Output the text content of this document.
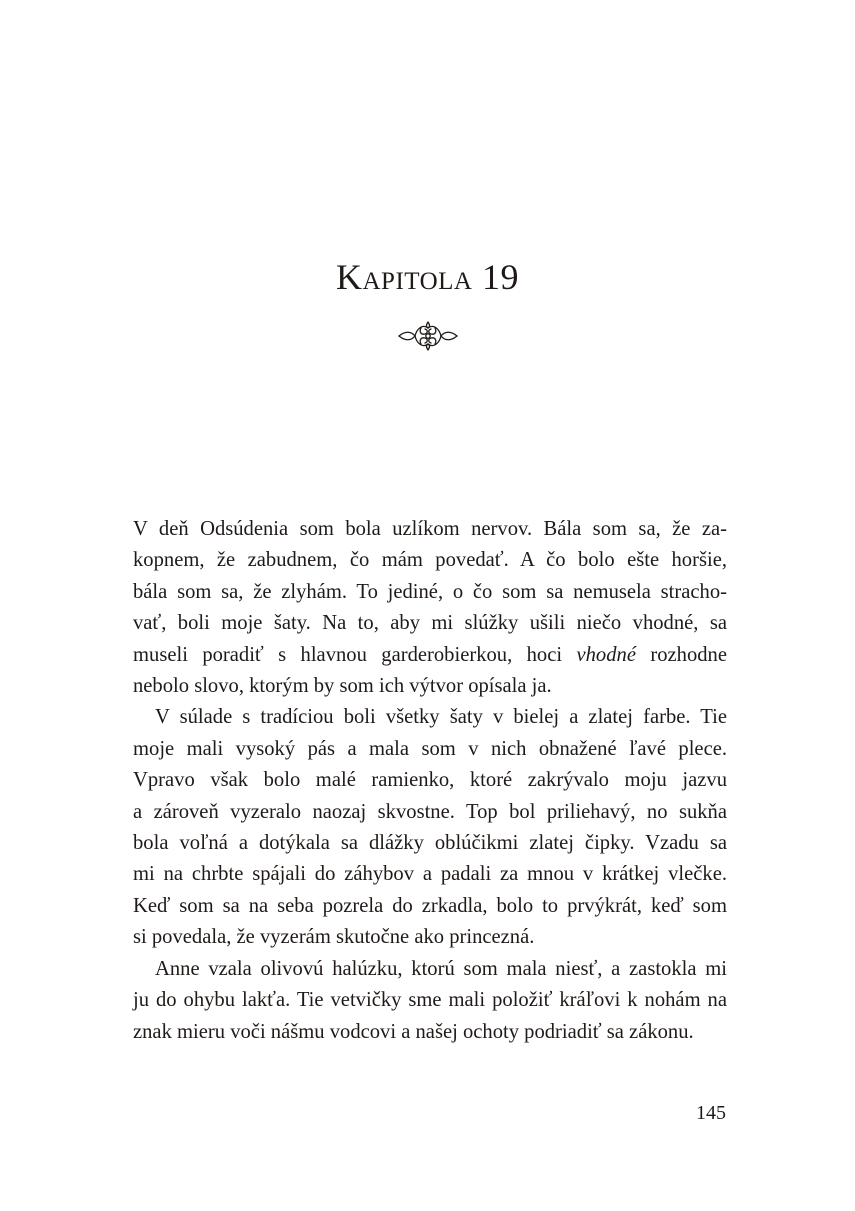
Kapitola 19

V deň Odsúdenia som bola uzlíkom nervov. Bála som sa, že za-

kopnem, že zabudnem, čo mám povedať. A čo bolo ešte horšie,

bála som sa, že zlyhám. To jediné, o čo som sa nemusela stracho-

vať, boli moje šaty. Na to, aby mi slúžky ušili niečo vhodné, sa

museli poradiť s hlavnou garderobierkou, hoci vhodné rozhodne

nebolo slovo, ktorým by som ich výtvor opísala ja.

V súlade s tradíciou boli všetky šaty v bielej a zlatej farbe. Tie

moje mali vysoký pás a mala som v nich obnažené ľavé plece.

Vpravo však bolo malé ramienko, ktoré zakrývalo moju jazvu

a zároveň vyzeralo naozaj skvostne. Top bol priliehavý, no sukňa

bola voľná a dotýkala sa dlážky oblúčikmi zlatej čipky. Vzadu sa

mi na chrbte spájali do záhybov a padali za mnou v krátkej vlečke.

Keď som sa na seba pozrela do zrkadla, bolo to prvýkrát, keď som

si povedala, že vyzerám skutočne ako princezná.

Anne vzala olivovú halúzku, ktorú som mala niesť, a zastokla mi

ju do ohybu lakťa. Tie vetvičky sme mali položiť kráľovi k nohám na

znak mieru voči nášmu vodcovi a našej ochoty podriadiť sa zákonu.

145
